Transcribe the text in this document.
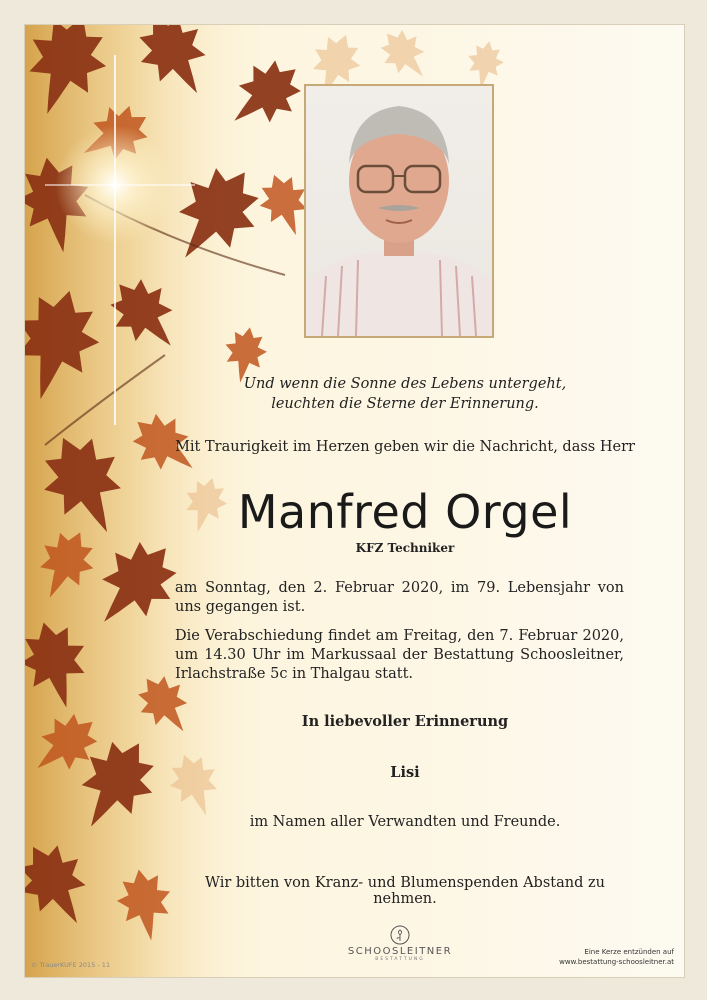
Und wenn die Sonne des Lebens untergeht,
leuchten die Sterne der Erinnerung.
Mit Traurigkeit im Herzen geben wir die Nachricht, dass Herr
Manfred Orgel
KFZ Techniker
am Sonntag, den 2. Februar 2020, im 79. Lebensjahr von uns gegangen ist.
Die Verabschiedung findet am Freitag, den 7. Februar 2020, um 14.30 Uhr im Markussaal der Bestattung Schoosleitner, Irlachstraße 5c in Thalgau statt.
In liebevoller Erinnerung
Lisi
im Namen aller Verwandten und Freunde.
Wir bitten von Kranz- und Blumenspenden Abstand zu nehmen.
SCHOOSLEITNER
BESTATTUNG
Eine Kerze entzünden auf
www.bestattung-schoosleitner.at
© TrauerKUFE 2015 - 11
